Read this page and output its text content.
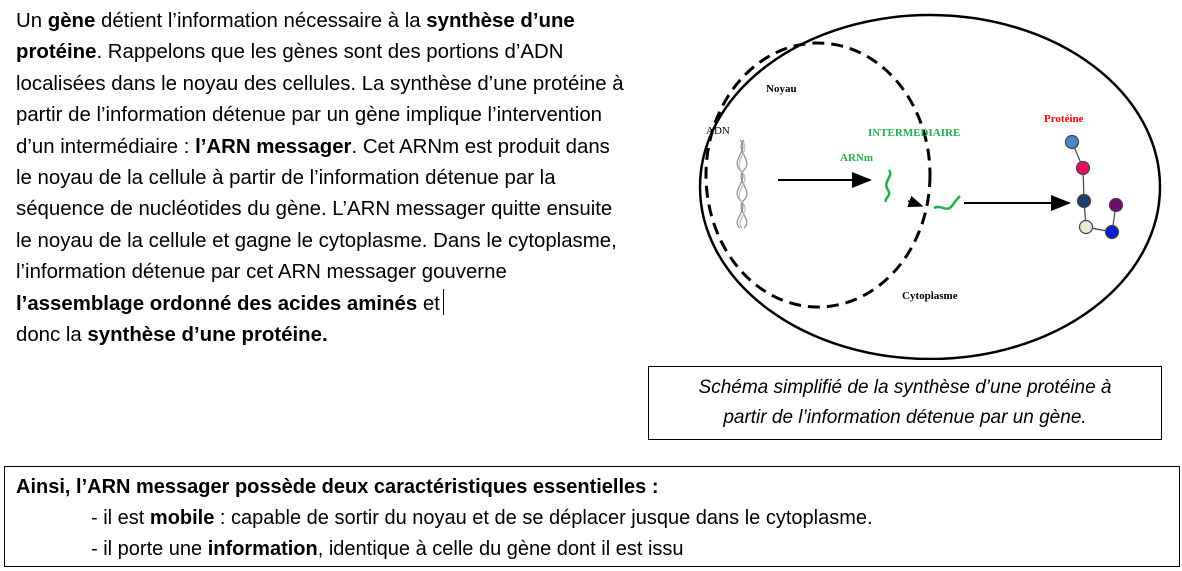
Un gène détient l’information nécessaire à la synthèse d’une protéine. Rappelons que les gènes sont des portions d’ADN localisées dans le noyau des cellules. La synthèse d’une protéine à partir de l’information détenue par un gène implique l’intervention d’un intermédiaire : l’ARN messager. Cet ARNm est produit dans le noyau de la cellule à partir de l’information détenue par la séquence de nucléotides du gène. L’ARN messager quitte ensuite le noyau de la cellule et gagne le cytoplasme. Dans le cytoplasme, l’information détenue par cet ARN messager gouverne l’assemblage ordonné des acides aminés et
donc la synthèse d’une protéine.
Noyau
ADN	INTERMEDIAIRE
ARNm
Protéine
Cytoplasme
Schéma simplifié de la synthèse d’une protéine à
partir de l’information détenue par un gène.
Ainsi, l’ARN messager possède deux caractéristiques essentielles :
- il est mobile : capable de sortir du noyau et de se déplacer jusque dans le cytoplasme.
- il porte une information, identique à celle du gène dont il est issu
